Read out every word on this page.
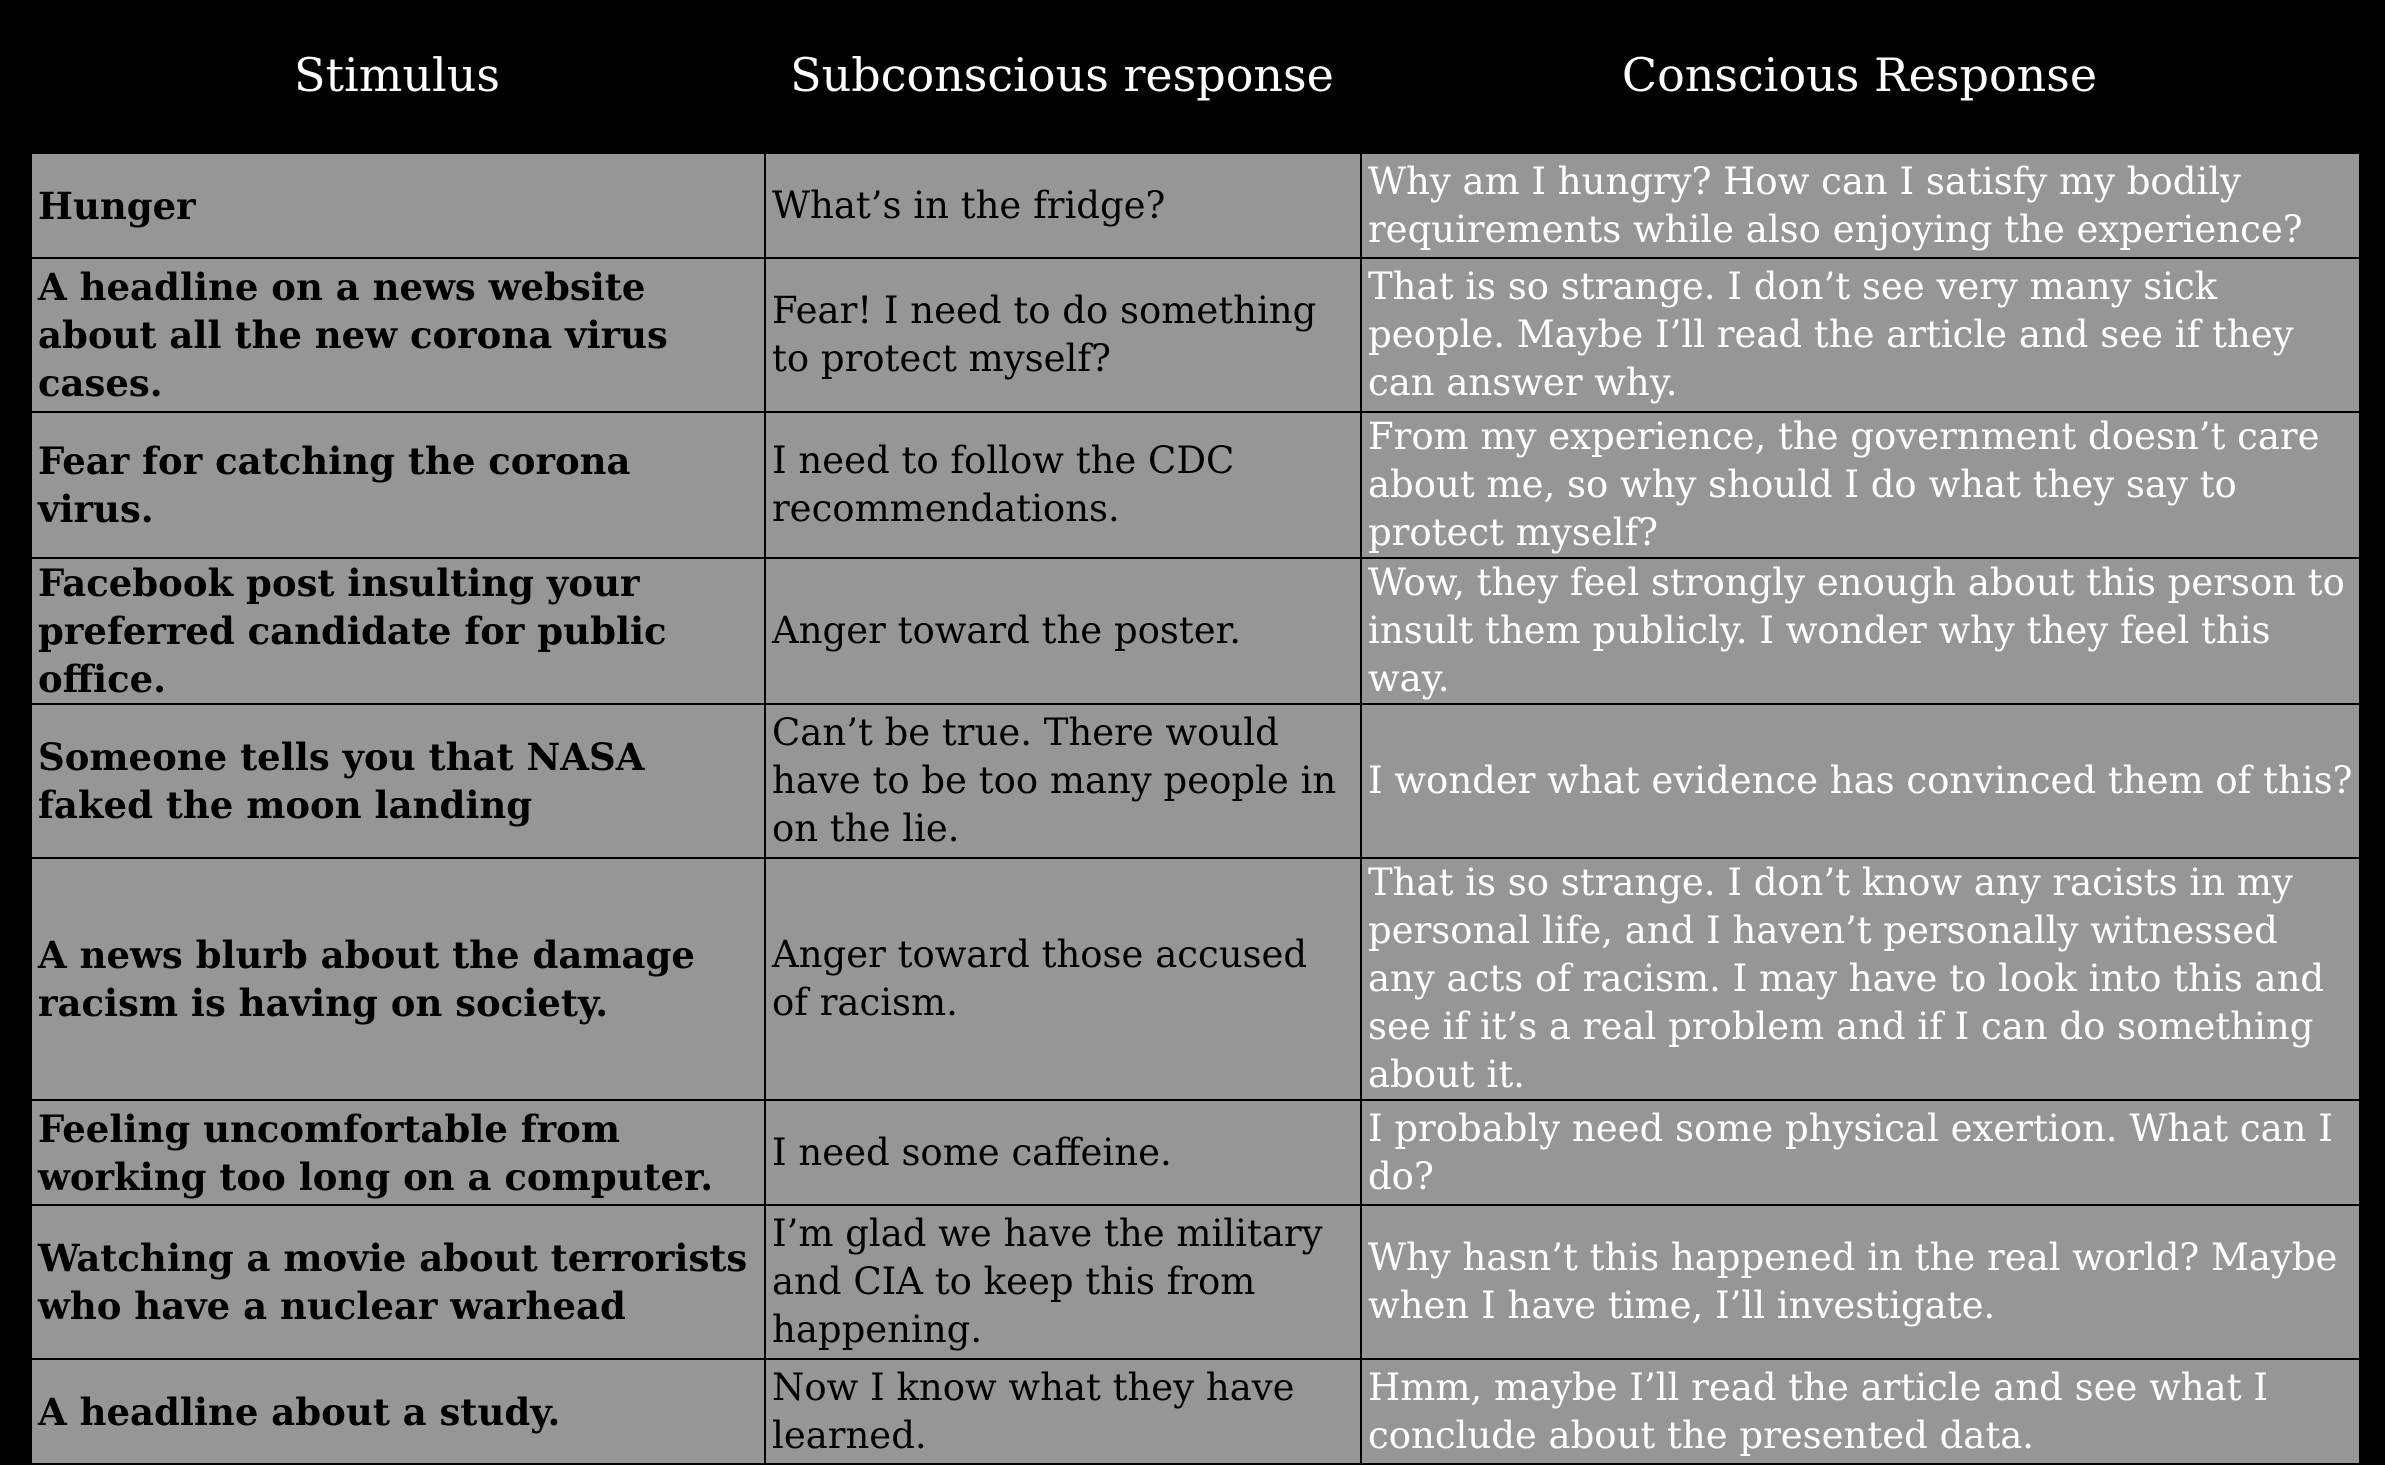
Stimulus	Subconscious response	Conscious Response
Hunger	What’s in the fridge?	Why am I hungry? How can I satisfy my bodily requirements while also enjoying the experience?
A headline on a news website about all the new corona virus cases.	Fear! I need to do something to protect myself?	That is so strange. I don’t see very many sick people. Maybe I’ll read the article and see if they can answer why.
Fear for catching the corona virus.	I need to follow the CDC recommendations.	From my experience, the government doesn’t care about me, so why should I do what they say to protect myself?
Facebook post insulting your preferred candidate for public office.	Anger toward the poster.	Wow, they feel strongly enough about this person to insult them publicly. I wonder why they feel this way.
Someone tells you that NASA faked the moon landing	Can’t be true. There would have to be too many people in on the lie.	I wonder what evidence has convinced them of this?
A news blurb about the damage racism is having on society.	Anger toward those accused of racism.	That is so strange. I don’t know any racists in my personal life, and I haven’t personally witnessed any acts of racism. I may have to look into this and see if it’s a real problem and if I can do something about it.
Feeling uncomfortable from working too long on a computer.	I need some caffeine.	I probably need some physical exertion. What can I do?
Watching a movie about terrorists who have a nuclear warhead	I’m glad we have the military and CIA to keep this from happening.	Why hasn’t this happened in the real world? Maybe when I have time, I’ll investigate.
A headline about a study.	Now I know what they have learned.	Hmm, maybe I’ll read the article and see what I conclude about the presented data.
